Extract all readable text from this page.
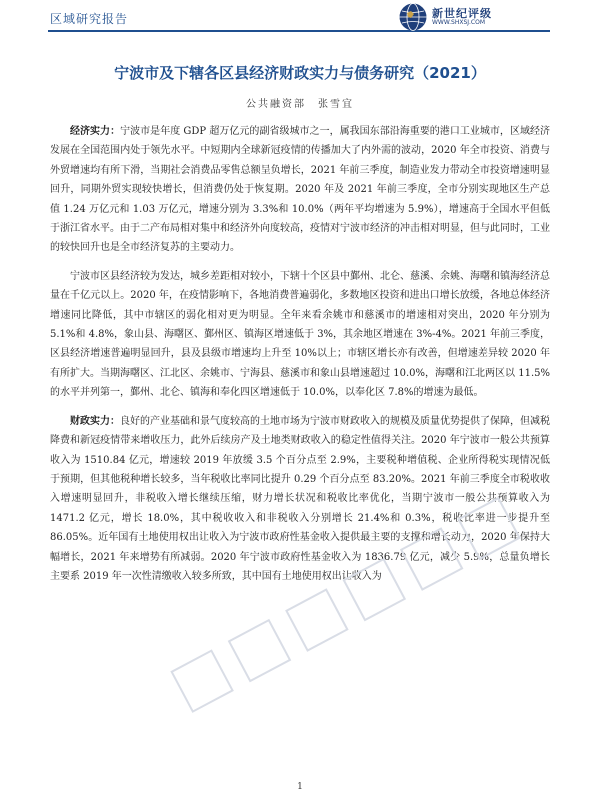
区域研究报告	新世纪评级
WWW.SHXSJ.COM
宁波市及下辖各区县经济财政实力与债务研究（2021）
公共融资部　张雪宜

经济实力：宁波市是年度 GDP 超万亿元的副省级城市之一，属我国东部沿海重要的港口工业城市，区域经济发展在全国范围内处于领先水平。中短期内全球新冠疫情的传播加大了内外需的波动，2020 年全市投资、消费与外贸增速均有所下滑，当期社会消费品零售总额呈负增长，2021 年前三季度，制造业发力带动全市投资增速明显回升，同期外贸实现较快增长，但消费仍处于恢复期。2020 年及 2021 年前三季度，全市分别实现地区生产总值 1.24 万亿元和 1.03 万亿元，增速分别为 3.3%和 10.0%（两年平均增速为 5.9%），增速高于全国水平但低于浙江省水平。由于二产布局相对集中和经济外向度较高，疫情对宁波市经济的冲击相对明显，但与此同时，工业的较快回升也是全市经济复苏的主要动力。

宁波市区县经济较为发达，城乡差距相对较小，下辖十个区县中鄞州、北仑、慈溪、余姚、海曙和镇海经济总量在千亿元以上。2020 年，在疫情影响下，各地消费普遍弱化，多数地区投资和进出口增长放缓，各地总体经济增速同比降低，其中市辖区的弱化相对更为明显。全年来看余姚市和慈溪市的增速相对突出，2020 年分别为 5.1%和 4.8%，象山县、海曙区、鄞州区、镇海区增速低于 3%，其余地区增速在 3%-4%。2021 年前三季度，区县经济增速普遍明显回升，县及县级市增速均上升至 10%以上；市辖区增长亦有改善，但增速差异较 2020 年有所扩大。当期海曙区、江北区、余姚市、宁海县、慈溪市和象山县增速超过 10.0%，海曙和江北两区以 11.5%的水平并列第一，鄞州、北仑、镇海和奉化四区增速低于 10.0%，以奉化区 7.8%的增速为最低。

财政实力：良好的产业基础和景气度较高的土地市场为宁波市财政收入的规模及质量优势提供了保障，但减税降费和新冠疫情带来增收压力，此外后续房产及土地类财政收入的稳定性值得关注。2020 年宁波市一般公共预算收入为 1510.84 亿元，增速较 2019 年放缓 3.5 个百分点至 2.9%，主要税种增值税、企业所得税实现情况低于预期，但其他税种增长较多，当年税收比率同比提升 0.29 个百分点至 83.20%。2021 年前三季度全市税收收入增速明显回升，非税收入增长继续压缩，财力增长状况和税收比率优化，当期宁波市一般公共预算收入为 1471.2 亿元，增长 18.0%，其中税收收入和非税收入分别增长 21.4%和 0.3%，税收比率进一步提升至 86.05%。近年国有土地使用权出让收入为宁波市政府性基金收入提供最主要的支撑和增长动力，2020 年保持大幅增长，2021 年来增势有所减弱。2020 年宁波市政府性基金收入为 1836.79 亿元，减少 5.9%，总量负增长主要系 2019 年一次性清缴收入较多所致，其中国有土地使用权出让收入为

1
